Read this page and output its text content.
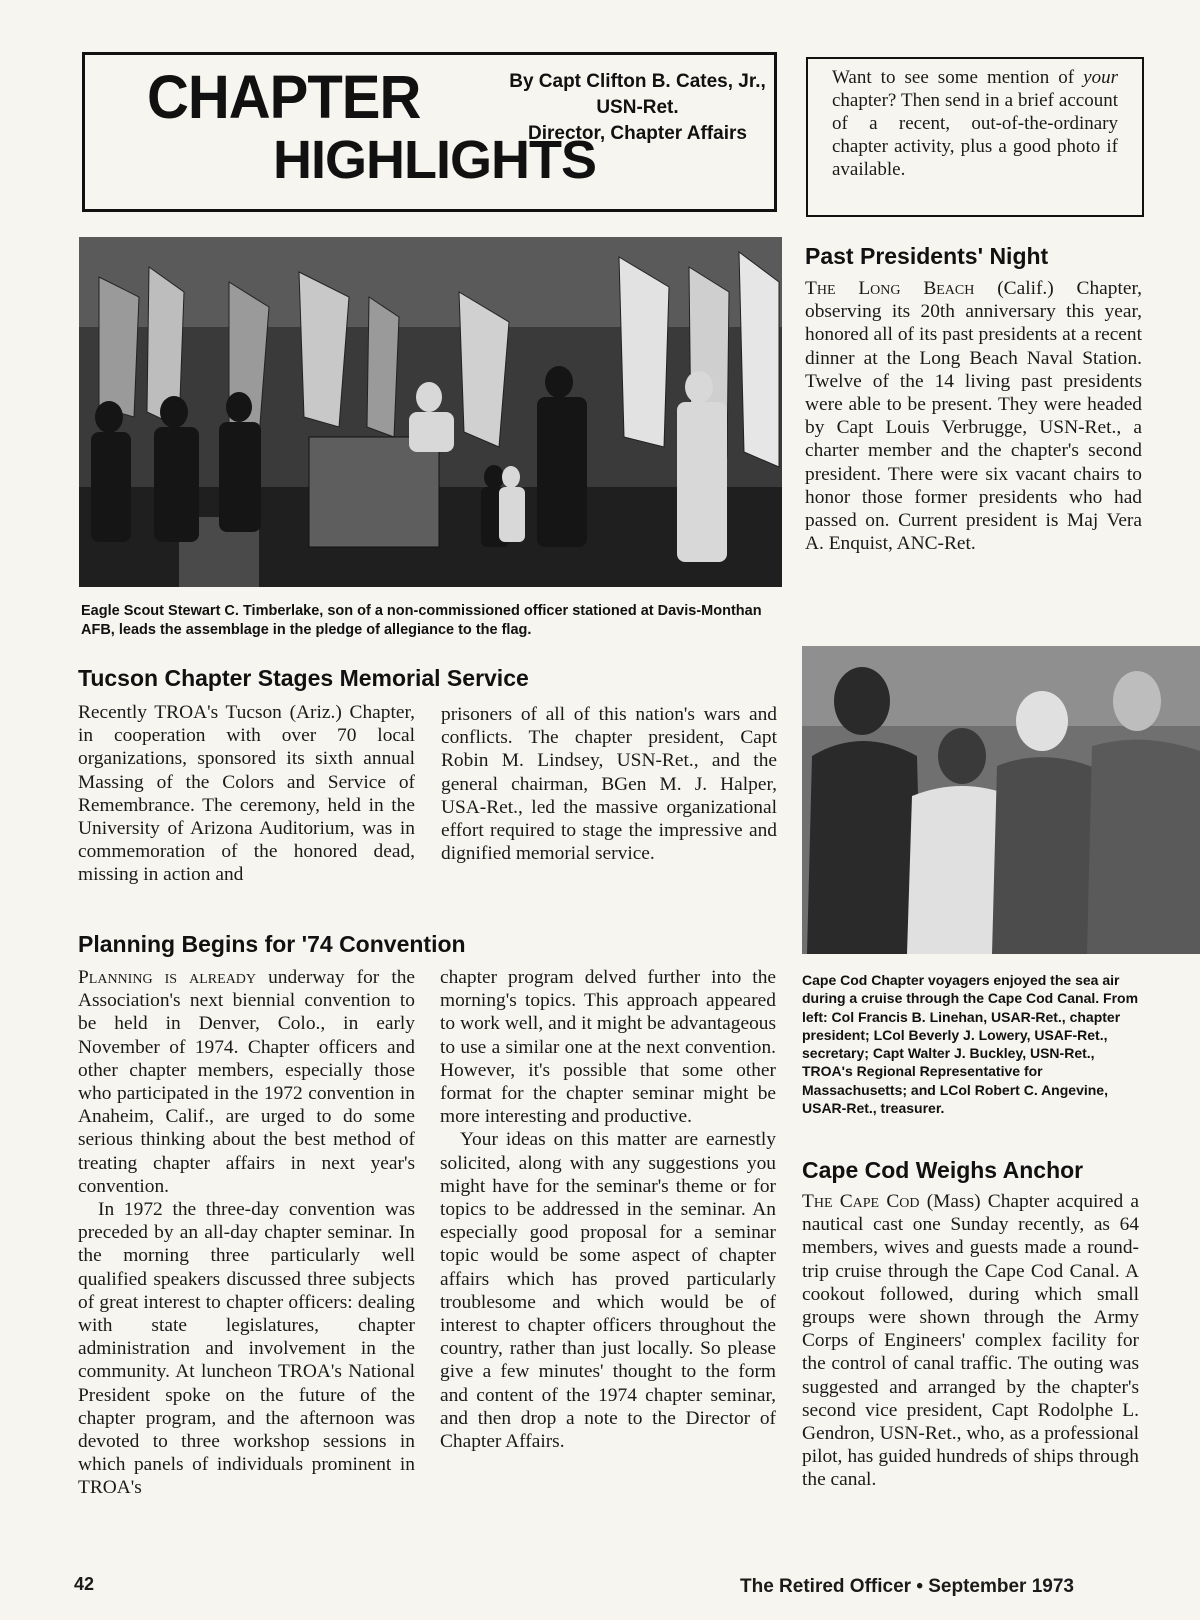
CHAPTER
HIGHLIGHTS
By Capt Clifton B. Cates, Jr.,
USN-Ret.
Director, Chapter Affairs
Want to see some mention of your chapter? Then send in a brief account of a recent, out-of-the-ordinary chapter activity, plus a good photo if available.
Eagle Scout Stewart C. Timberlake, son of a non-commissioned officer stationed at Davis-Monthan AFB, leads the assemblage in the pledge of allegiance to the flag.
Past Presidents' Night
The Long Beach (Calif.) Chapter, observing its 20th anniversary this year, honored all of its past presidents at a recent dinner at the Long Beach Naval Station. Twelve of the 14 living past presidents were able to be present. They were headed by Capt Louis Verbrugge, USN-Ret., a charter member and the chapter's second president. There were six vacant chairs to honor those former presidents who had passed on. Current president is Maj Vera A. Enquist, ANC-Ret.
Tucson Chapter Stages Memorial Service
Recently TROA's Tucson (Ariz.) Chapter, in cooperation with over 70 local organizations, sponsored its sixth annual Massing of the Colors and Service of Remembrance. The ceremony, held in the University of Arizona Auditorium, was in commemoration of the honored dead, missing in action and
prisoners of all of this nation's wars and conflicts. The chapter president, Capt Robin M. Lindsey, USN-Ret., and the general chairman, BGen M. J. Halper, USA-Ret., led the massive organizational effort required to stage the impressive and dignified memorial service.
Cape Cod Chapter voyagers enjoyed the sea air during a cruise through the Cape Cod Canal. From left: Col Francis B. Linehan, USAR-Ret., chapter president; LCol Beverly J. Lowery, USAF-Ret., secretary; Capt Walter J. Buckley, USN-Ret., TROA's Regional Representative for Massachusetts; and LCol Robert C. Angevine, USAR-Ret., treasurer.
Planning Begins for '74 Convention

Planning is already underway for the Association's next biennial convention to be held in Denver, Colo., in early November of 1974. Chapter officers and other chapter members, especially those who participated in the 1972 convention in Anaheim, Calif., are urged to do some serious thinking about the best method of treating chapter affairs in next year's convention.

In 1972 the three-day convention was preceded by an all-day chapter seminar. In the morning three particularly well qualified speakers discussed three subjects of great interest to chapter officers: dealing with state legislatures, chapter administration and involvement in the community. At luncheon TROA's National President spoke on the future of the chapter program, and the afternoon was devoted to three workshop sessions in which panels of individuals prominent in TROA's

chapter program delved further into the morning's topics. This approach appeared to work well, and it might be advantageous to use a similar one at the next convention. However, it's possible that some other format for the chapter seminar might be more interesting and productive.

Your ideas on this matter are earnestly solicited, along with any suggestions you might have for the seminar's theme or for topics to be addressed in the seminar. An especially good proposal for a seminar topic would be some aspect of chapter affairs which has proved particularly troublesome and which would be of interest to chapter officers throughout the country, rather than just locally. So please give a few minutes' thought to the form and content of the 1974 chapter seminar, and then drop a note to the Director of Chapter Affairs.

Cape Cod Weighs Anchor
The Cape Cod (Mass) Chapter acquired a nautical cast one Sunday recently, as 64 members, wives and guests made a round-trip cruise through the Cape Cod Canal. A cookout followed, during which small groups were shown through the Army Corps of Engineers' complex facility for the control of canal traffic. The outing was suggested and arranged by the chapter's second vice president, Capt Rodolphe L. Gendron, USN-Ret., who, as a professional pilot, has guided hundreds of ships through the canal.
42	The Retired Officer • September 1973
